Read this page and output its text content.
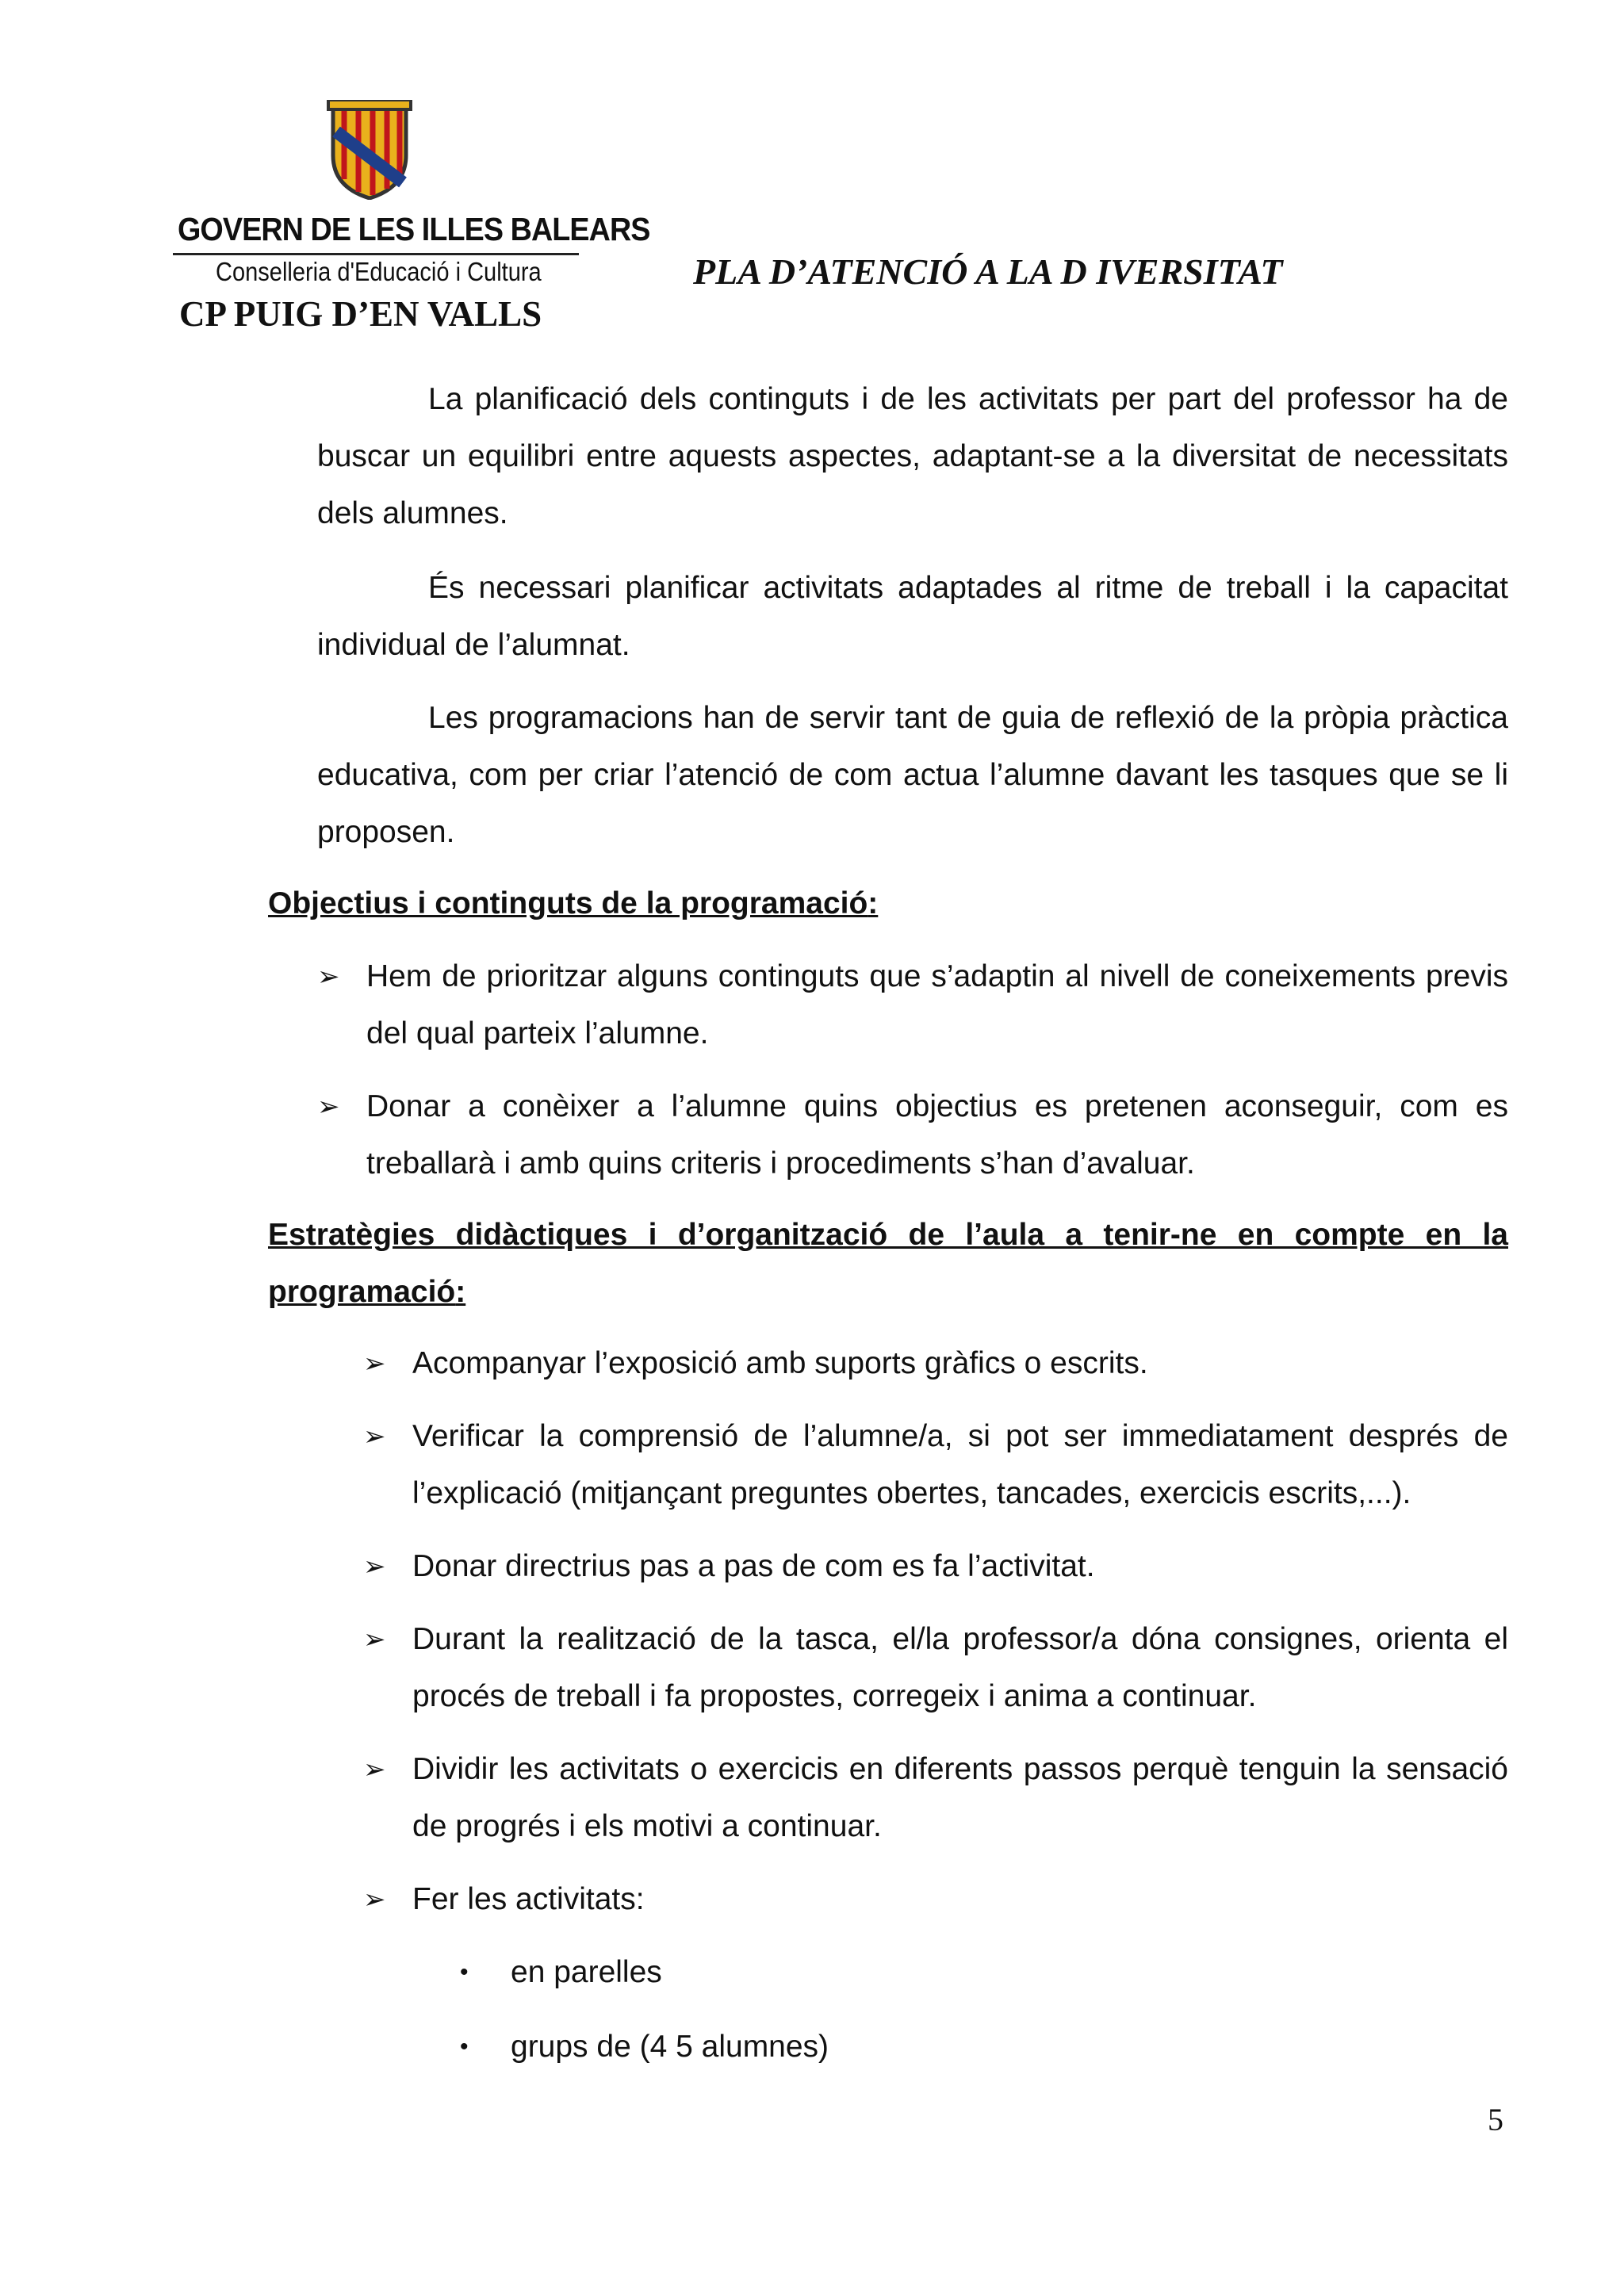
GOVERN DE LES ILLES BALEARS
Conselleria d'Educació i Cultura
CP PUIG D’EN VALLS
PLA D’ATENCIÓ A LA D IVERSITAT

La planificació dels continguts i de les activitats per part del professor ha de buscar un equilibri entre aquests aspectes, adaptant-se a la diversitat de necessitats dels alumnes.

És necessari planificar activitats adaptades al ritme de treball i la capacitat individual de l’alumnat.

Les programacions han de servir tant de guia de reflexió de la pròpia pràctica educativa, com per criar l’atenció de com actua l’alumne davant les tasques que se li proposen.

Objectius i continguts de la programació:

➢ Hem de prioritzar alguns continguts que s’adaptin al nivell de coneixements previs del qual parteix l’alumne.
➢ Donar a conèixer a l’alumne quins objectius es pretenen aconseguir, com es treballarà i amb quins criteris i procediments s’han d’avaluar.

Estratègies didàctiques i d’organització de l’aula a tenir-ne en compte en la programació:

➢ Acompanyar l’exposició amb suports gràfics o escrits.
➢ Verificar la comprensió de l’alumne/a, si pot ser immediatament després de l’explicació (mitjançant preguntes obertes, tancades, exercicis escrits,...).
➢ Donar directrius pas a pas de com es fa l’activitat.
➢ Durant la realització de la tasca, el/la professor/a dóna consignes, orienta el procés de treball i fa propostes, corregeix i anima a continuar.
➢ Dividir les activitats o exercicis en diferents passos perquè tenguin la sensació de progrés i els motivi a continuar.
➢ Fer les activitats:
•	en parelles
•	grups de (4 5 alumnes)
5
